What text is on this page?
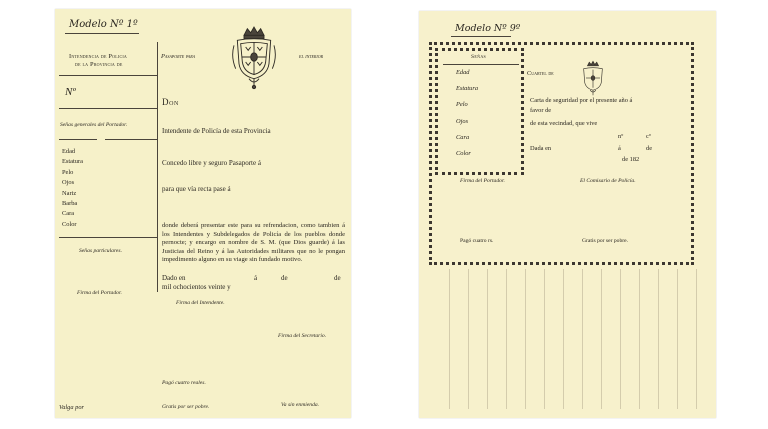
Modelo Nº 1º
Intendencia de Policia
de la Provincia de
Nº
Señas generales del Portador.
Edad
Estatura
Pelo
Ojos
Nariz
Barba
Cara
Color
Señas particulares.
Firma del Portador.
Valga por
Pasaporte para	el interior
Don
Intendente de Policía de esta Provincia
Concedo libre y seguro Pasaporte á
para que vía recta pase á
donde deberá presentar este para su refrendacion, como tambien á los Intendentes y Subdelegados de Policía de los pueblos donde pernocte; y encargo en nombre de S. M. (que Dios guarde) á las Justicias del Reino y á las Autoridades militares que no le pongan impedimento alguno en su viage sin fundado motivo.
Dado en	á	de	de
mil ochocientos veinte y
Firma del Intendente.
Firma del Secretario.
Pagó cuatro reales.
Gratis por ser pobre.	Va sin enmienda.
Modelo Nº 9º
Señas
Edad
Estatura
Pelo
Ojos
Cara
Color
Cuartel de
Carta de seguridad por el presente año á
favor de
de esta vecindad, que vive
nº	cº
Dada en	á	de
de 182
Firma del Portador.	El Comisario de Policía.
Pagó cuatro rs.	Gratis por ser pobre.
